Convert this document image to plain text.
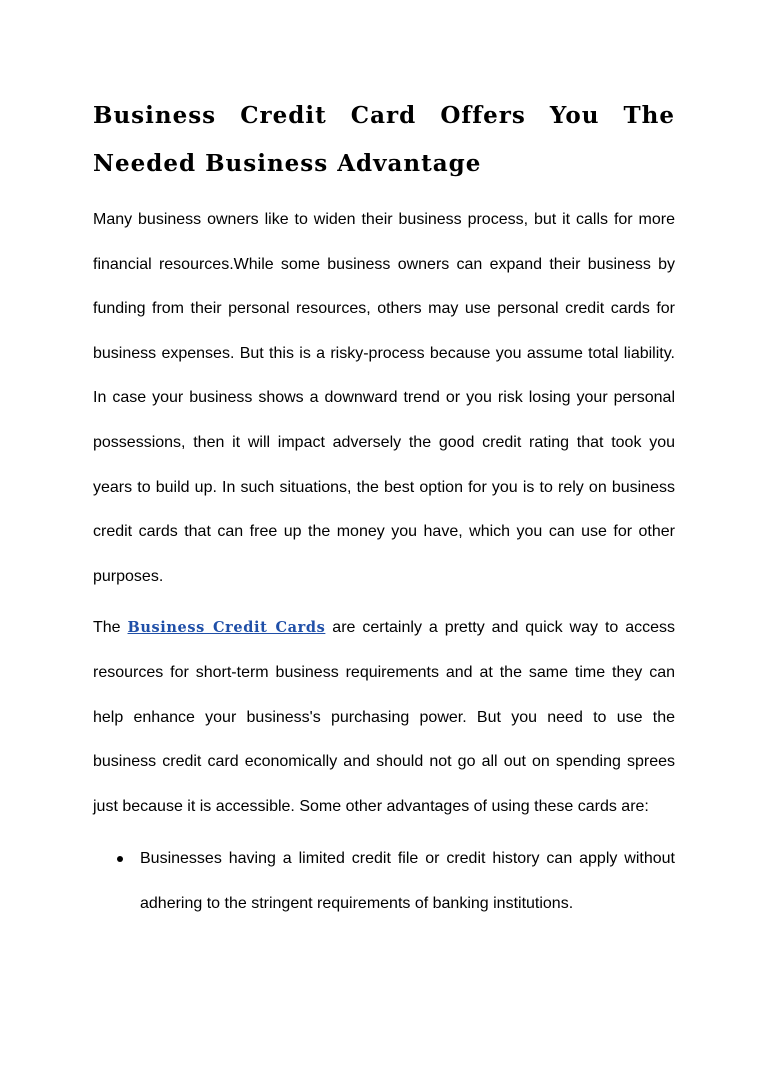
Business Credit Card Offers You The
Needed Business Advantage

Many business owners like to widen their business process, but it calls for more financial resources.While some business owners can expand their business by funding from their personal resources, others may use personal credit cards for business expenses. But this is a risky-process because you assume total liability. In case your business shows a downward trend or you risk losing your personal possessions, then it will impact adversely the good credit rating that took you years to build up. In such situations, the best option for you is to rely on business credit cards that can free up the money you have, which you can use for other purposes.

The Business Credit Cards are certainly a pretty and quick way to access resources for short-term business requirements and at the same time they can help enhance your business's purchasing power. But you need to use the business credit card economically and should not go all out on spending sprees just because it is accessible. Some other advantages of using these cards are:

Businesses having a limited credit file or credit history can apply without adhering to the stringent requirements of banking institutions.
